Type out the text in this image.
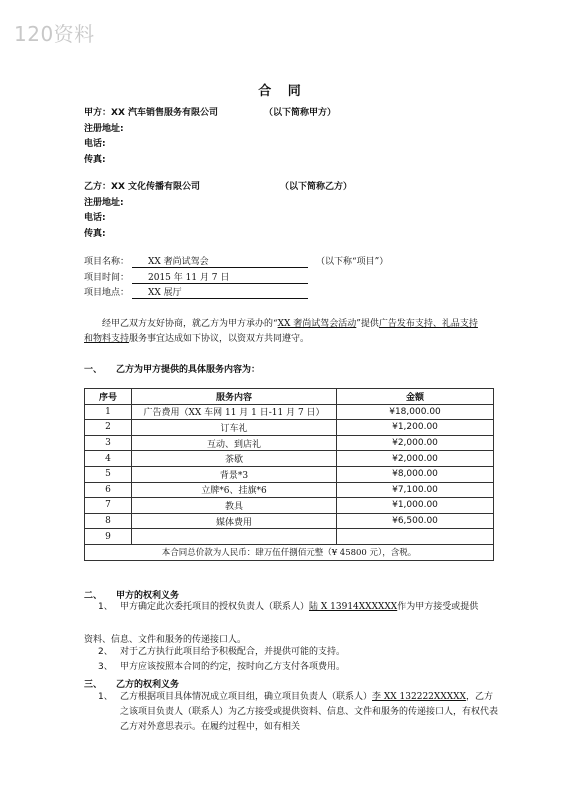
120资料
合 同
甲方：XX 汽车销售服务有限公司	（以下简称甲方）
注册地址:
电话:
传真:
乙方：XX 文化传播有限公司	（以下简称乙方）
注册地址:
电话:
传真:
项目名称：	XX 奢尚试驾会	（以下称“项目”）
项目时间：	2015 年 11 月 7 日
项目地点：	XX 展厅
经甲乙双方友好协商，就乙方为甲方承办的“XX 奢尚试驾会活动”提供广告发布支持、礼品支持和物料支持服务事宜达成如下协议，以资双方共同遵守。
一、 乙方为甲方提供的具体服务内容为：
序号	服务内容	金额
1	广告费用（XX 车网 11 月 1 日-11 月 7 日）	¥18,000.00
2	订车礼	¥1,200.00
3	互动、到店礼	¥2,000.00
4	茶歇	¥2,000.00
5	背景*3	¥8,000.00
6	立牌*6、挂旗*6	¥7,100.00
7	教具	¥1,000.00
8	媒体费用	¥6,500.00
9		
本合同总价款为人民币：肆万伍仟捌佰元整（¥ 45800 元），含税。		
二、 甲方的权利义务
1、 甲方确定此次委托项目的授权负责人（联系人）陆 X 13914XXXXXX作为甲方接受或提供
资料、信息、文件和服务的传递接口人。
2、 对于乙方执行此项目给予积极配合，并提供可能的支持。
3、 甲方应该按照本合同的约定，按时向乙方支付各项费用。
三、 乙方的权利义务
1、 乙方根据项目具体情况成立项目组，确立项目负责人（联系人）李 XX 132222XXXXX，乙方之该项目负责人（联系人）为乙方接受或提供资料、信息、文件和服务的传递接口人，有权代表乙方对外意思表示。在履约过程中，如有相关
